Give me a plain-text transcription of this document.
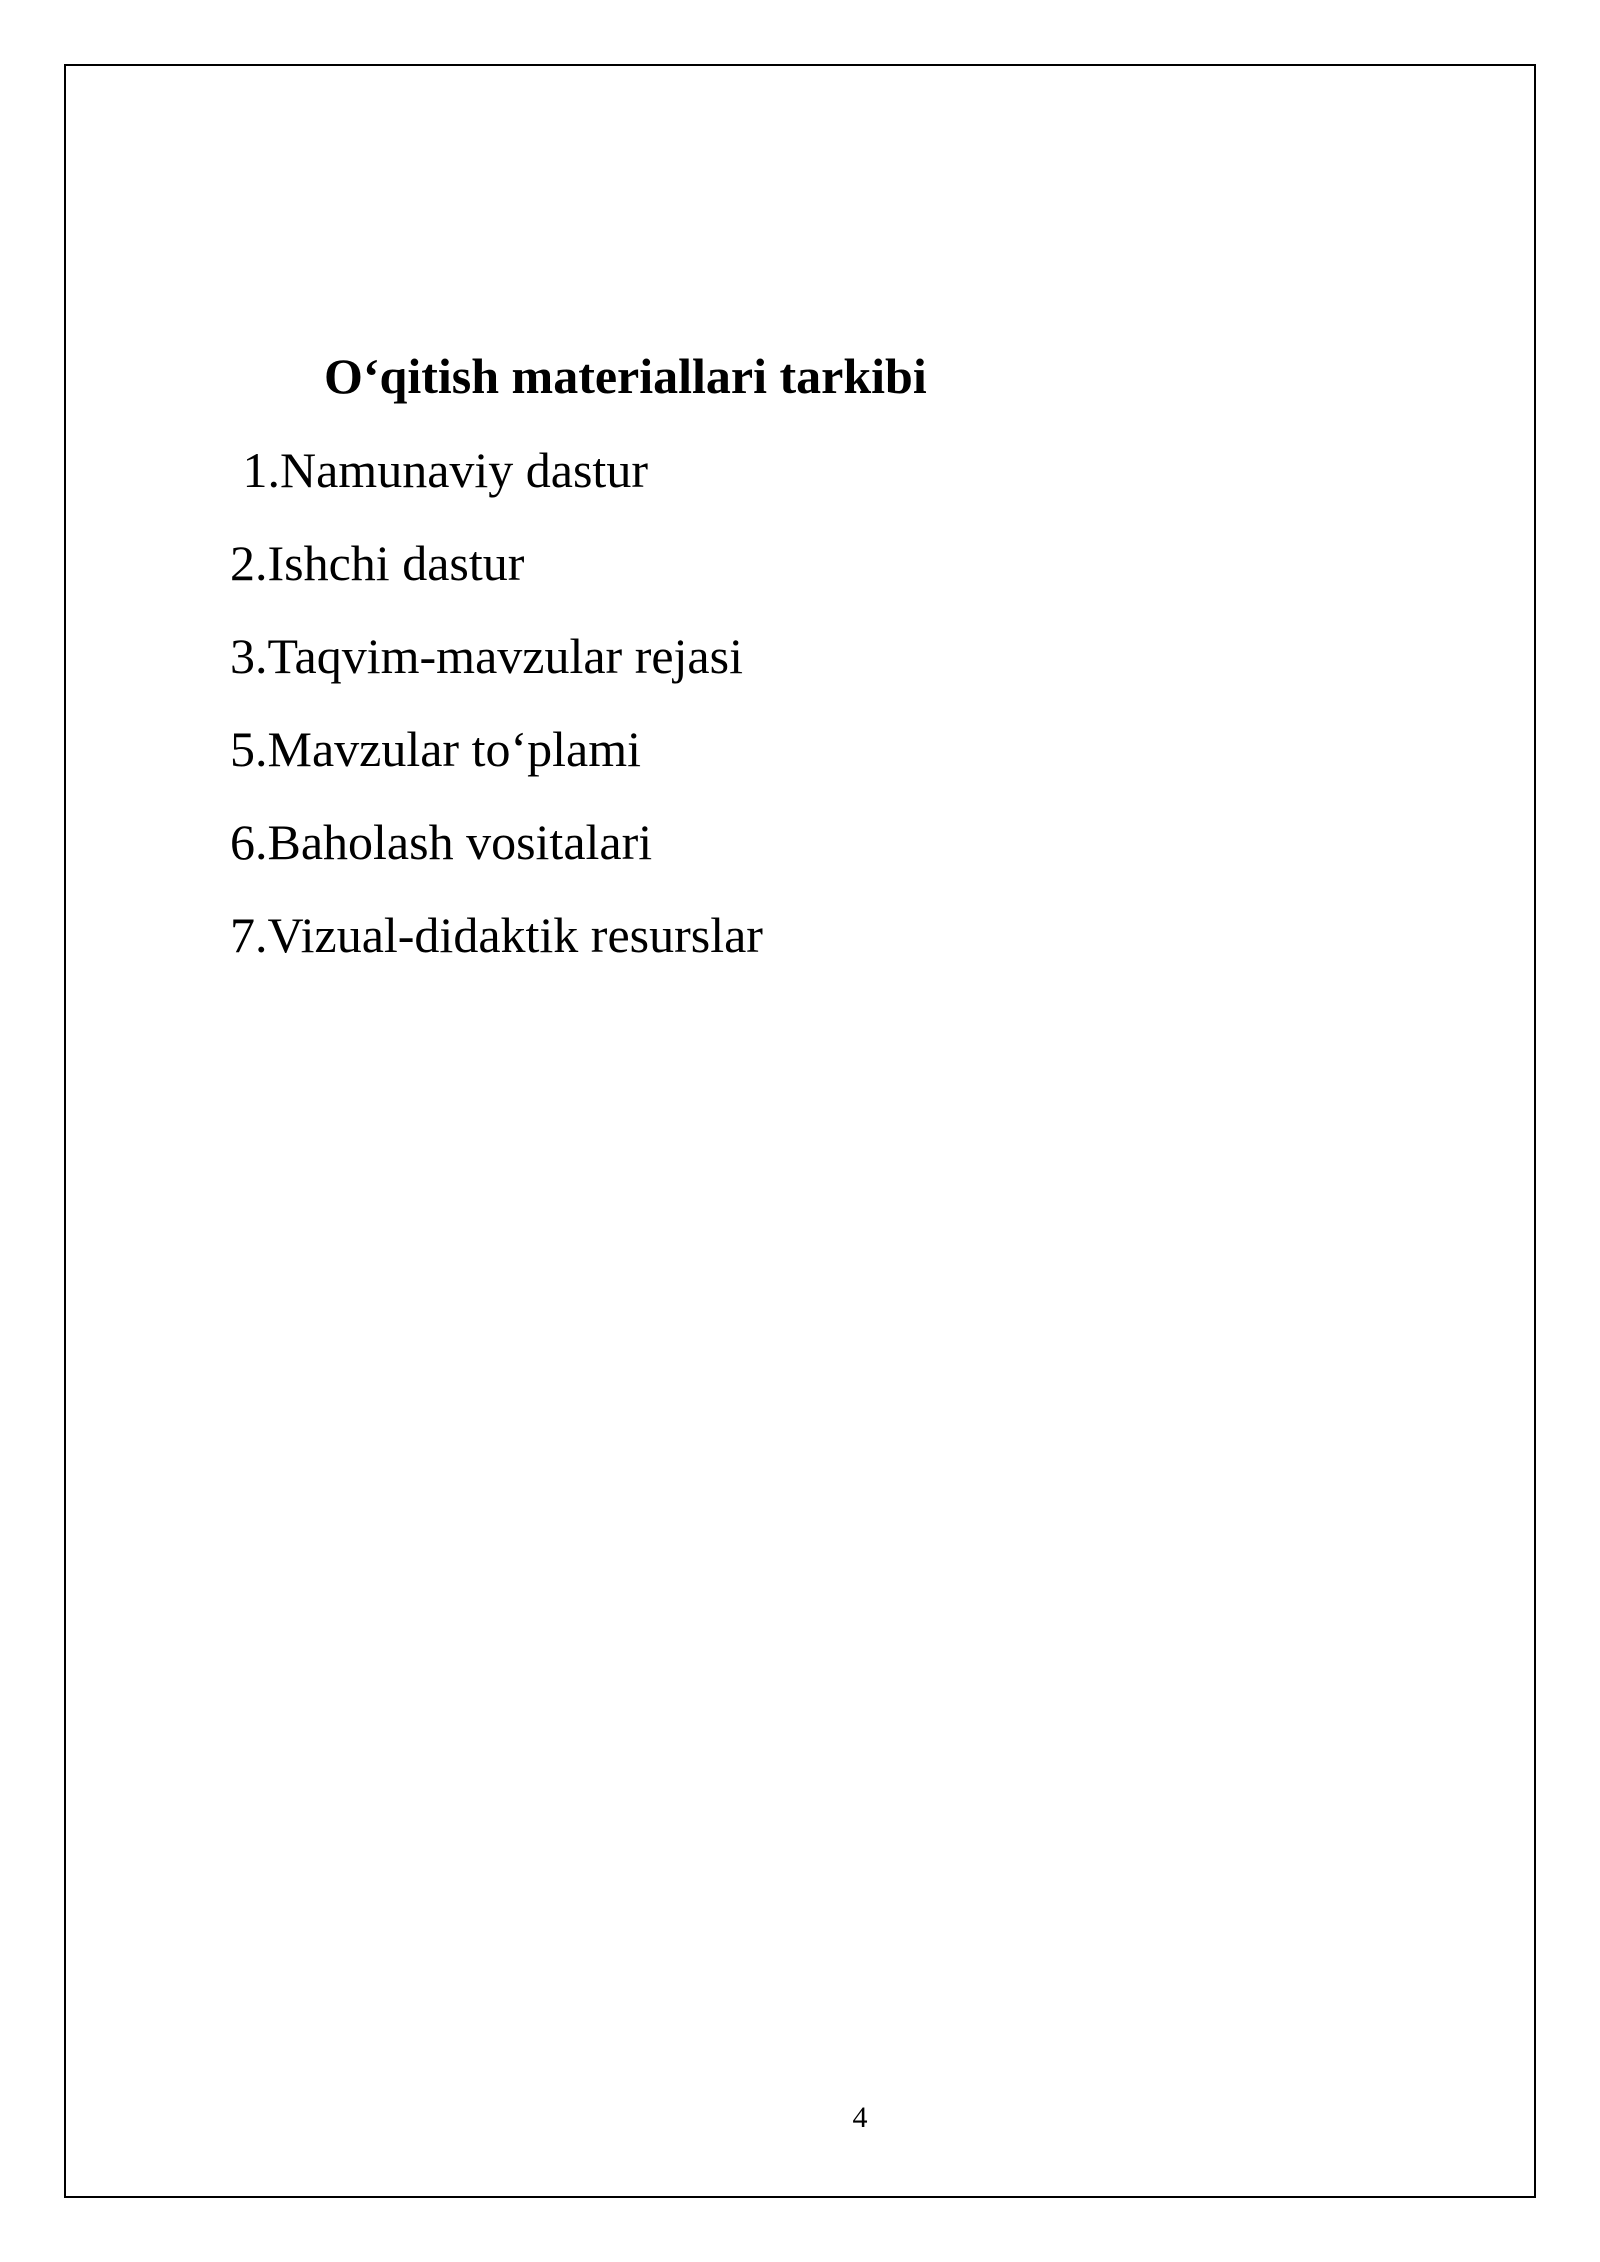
O‘qitish materiallari tarkibi
1.Namunaviy dastur
2.Ishchi dastur
3.Taqvim-mavzular rejasi
5.Mavzular to‘plami
6.Baholash vositalari
7.Vizual-didaktik resurslar
4
